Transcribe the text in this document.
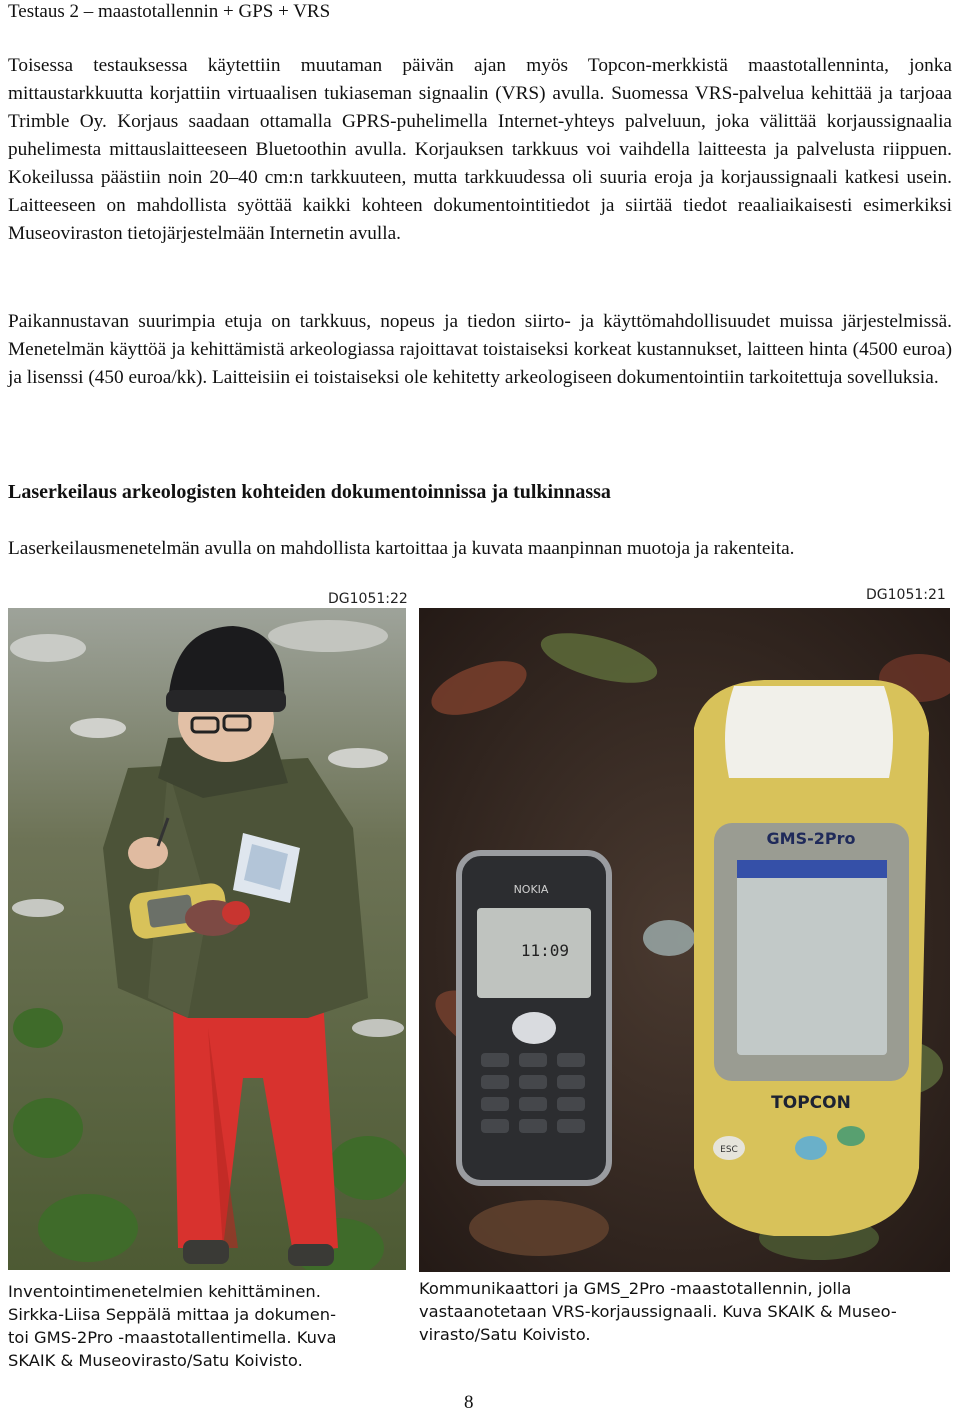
Testaus 2 – maastotallennin + GPS + VRS

Toisessa testauksessa käytettiin muutaman päivän ajan myös Topcon-merkkistä maastotallenninta, jonka mittaustarkkuutta korjattiin virtuaalisen tukiaseman signaalin (VRS) avulla. Suomessa VRS-palvelua kehittää ja tarjoaa Trimble Oy. Korjaus saadaan ottamalla GPRS-puhelimella Internet-yhteys palveluun, joka välittää korjaussignaalia puhelimesta mittauslaitteeseen Bluetoothin avulla. Korjauksen tarkkuus voi vaihdella laitteesta ja palvelusta riippuen. Kokeilussa päästiin noin 20–40 cm:n tarkkuuteen, mutta tarkkuudessa oli suuria eroja ja korjaussignaali katkesi usein. Laitteeseen on mahdollista syöttää kaikki kohteen dokumentointitiedot ja siirtää tiedot reaaliaikaisesti esimerkiksi Museoviraston tietojärjestelmään Internetin avulla.

Paikannustavan suurimpia etuja on tarkkuus, nopeus ja tiedon siirto- ja käyttömahdollisuudet muissa järjestelmissä. Menetelmän käyttöä ja kehittämistä arkeologiassa rajoittavat toistaiseksi korkeat kustannukset, laitteen hinta (4500 euroa) ja lisenssi (450 euroa/kk). Laitteisiin ei toistaiseksi ole kehitetty arkeologiseen dokumentointiin tarkoitettuja sovelluksia.

Laserkeilaus arkeologisten kohteiden dokumentoinnissa ja tulkinnassa

Laserkeilausmenetelmän avulla on mahdollista kartoittaa ja kuvata maanpinnan muotoja ja rakenteita.

DG1051:22	DG1051:21
NOKIA
11:09
GMS-2Pro
TOPCON
ESC

Inventointimenetelmien kehittäminen.
Sirkka-Liisa Seppälä mittaa ja dokumen-
toi GMS-2Pro -maastotallentimella. Kuva
SKAIK & Museovirasto/Satu Koivisto.

Kommunikaattori ja GMS_2Pro -maastotallennin, jolla
vastaanotetaan VRS-korjaussignaali. Kuva SKAIK & Museo-
virasto/Satu Koivisto.

8
